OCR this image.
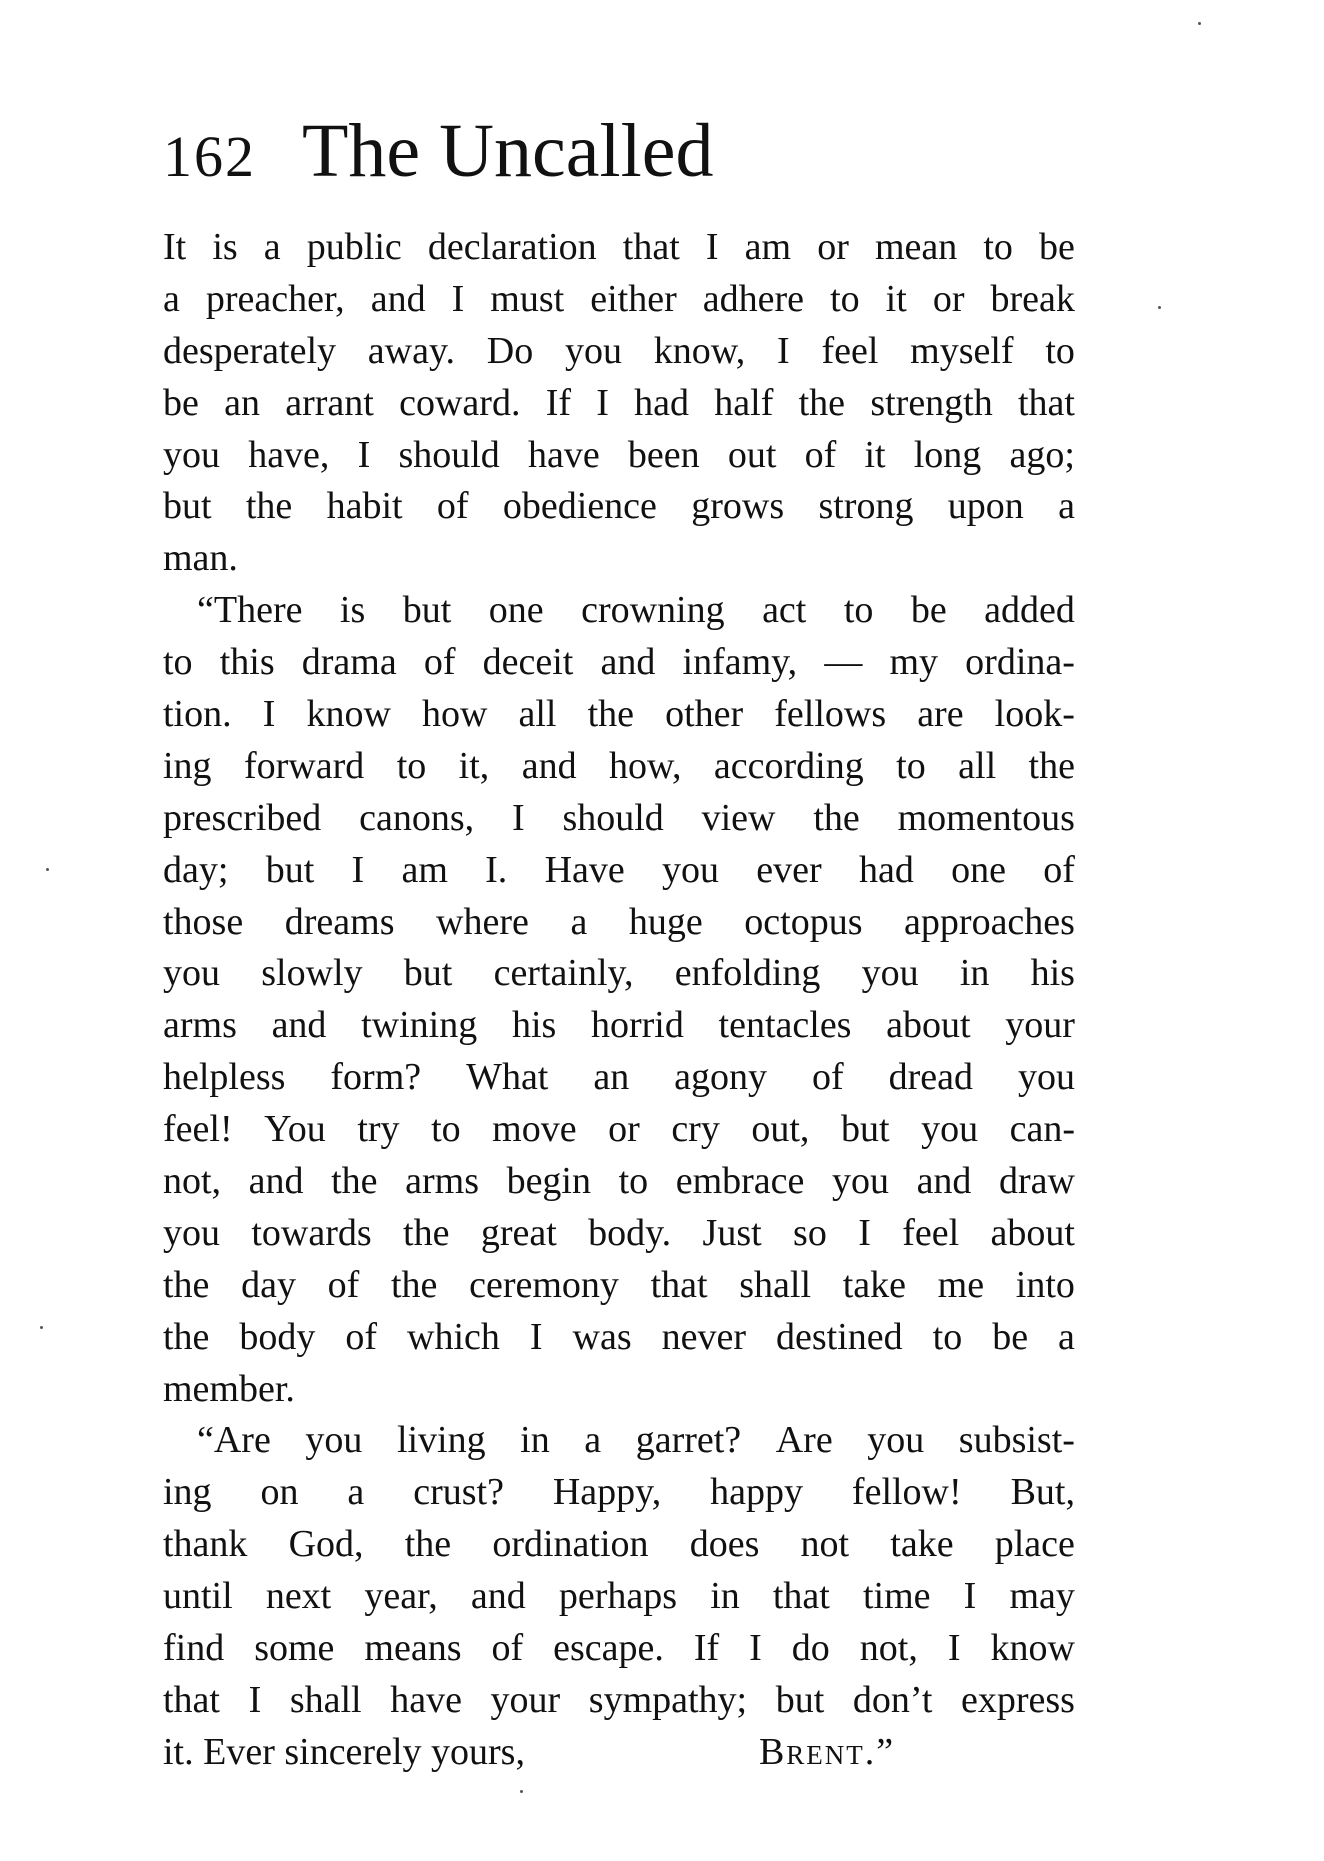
162 The Uncalled
It is a public declaration that I am or mean to be
a preacher, and I must either adhere to it or break
desperately away. Do you know, I feel myself to
be an arrant coward. If I had half the strength that
you have, I should have been out of it long ago;
but the habit of obedience grows strong upon a
man.
“There is but one crowning act to be added
to this drama of deceit and infamy, — my ordina-
tion. I know how all the other fellows are look-
ing forward to it, and how, according to all the
prescribed canons, I should view the momentous
day; but I am I. Have you ever had one of
those dreams where a huge octopus approaches
you slowly but certainly, enfolding you in his
arms and twining his horrid tentacles about your
helpless form? What an agony of dread you
feel! You try to move or cry out, but you can-
not, and the arms begin to embrace you and draw
you towards the great body. Just so I feel about
the day of the ceremony that shall take me into
the body of which I was never destined to be a
member.
“Are you living in a garret? Are you subsist-
ing on a crust? Happy, happy fellow! But,
thank God, the ordination does not take place
until next year, and perhaps in that time I may
find some means of escape. If I do not, I know
that I shall have your sympathy; but don’t express
it. Ever sincerely yours,	Brent.”
